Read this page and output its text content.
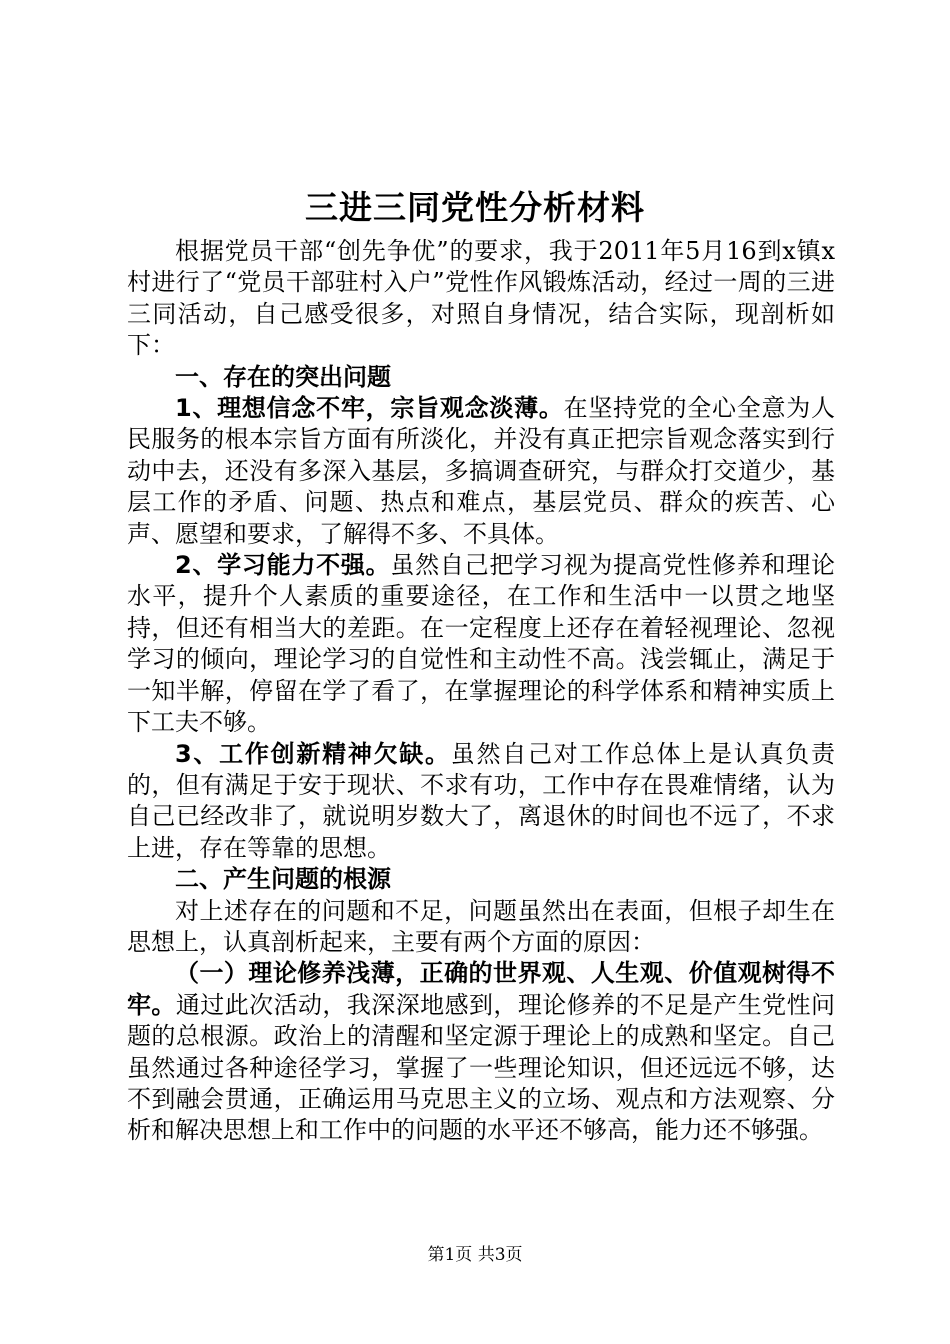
三进三同党性分析材料

根据党员干部“创先争优”的要求，我于2011年5月16到x镇x村进行了“党员干部驻村入户”党性作风锻炼活动，经过一周的三进三同活动，自己感受很多，对照自身情况，结合实际，现剖析如下：

一、存在的突出问题

1、理想信念不牢，宗旨观念淡薄。在坚持党的全心全意为人民服务的根本宗旨方面有所淡化，并没有真正把宗旨观念落实到行动中去，还没有多深入基层，多搞调查研究，与群众打交道少，基层工作的矛盾、问题、热点和难点，基层党员、群众的疾苦、心声、愿望和要求，了解得不多、不具体。

2、学习能力不强。虽然自己把学习视为提高党性修养和理论水平，提升个人素质的重要途径，在工作和生活中一以贯之地坚持，但还有相当大的差距。在一定程度上还存在着轻视理论、忽视学习的倾向，理论学习的自觉性和主动性不高。浅尝辄止，满足于一知半解，停留在学了看了，在掌握理论的科学体系和精神实质上下工夫不够。

3、工作创新精神欠缺。虽然自己对工作总体上是认真负责的，但有满足于安于现状、不求有功，工作中存在畏难情绪，认为自己已经改非了，就说明岁数大了，离退休的时间也不远了，不求上进，存在等靠的思想。

二、产生问题的根源

对上述存在的问题和不足，问题虽然出在表面，但根子却生在思想上，认真剖析起来，主要有两个方面的原因：

（一）理论修养浅薄，正确的世界观、人生观、价值观树得不牢。通过此次活动，我深深地感到，理论修养的不足是产生党性问题的总根源。政治上的清醒和坚定源于理论上的成熟和坚定。自己虽然通过各种途径学习，掌握了一些理论知识，但还远远不够，达不到融会贯通，正确运用马克思主义的立场、观点和方法观察、分析和解决思想上和工作中的问题的水平还不够高，能力还不够强。

第1页 共3页
